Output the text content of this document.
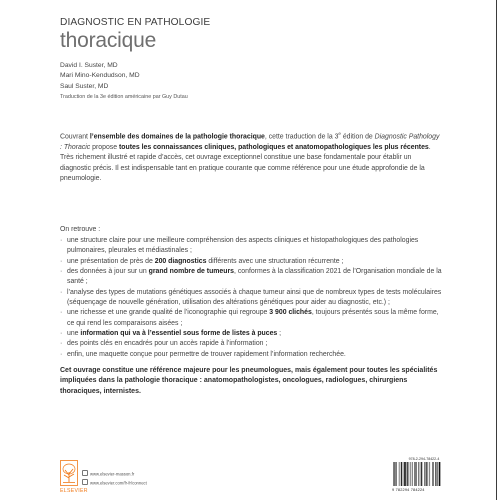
DIAGNOSTIC EN PATHOLOGIE
thoracique
David I. Suster, MD
Mari Mino-Kendudson, MD
Saul Suster, MD
Traduction de la 3e édition américaine par Guy Dutau
Couvrant l’ensemble des domaines de la pathologie thoracique, cette traduction de la 3e édition de Diagnostic Pathology : Thoracic propose toutes les connaissances cliniques, pathologiques et anatomopathologiques les plus récentes. Très richement illustré et rapide d’accès, cet ouvrage exceptionnel constitue une base fondamentale pour établir un diagnostic précis. Il est indispensable tant en pratique courante que comme référence pour une étude approfondie de la pneumologie.
On retrouve :
· une structure claire pour une meilleure compréhension des aspects cliniques et histopathologiques des pathologies pulmonaires, pleurales et médiastinales ;
· une présentation de près de 200 diagnostics différents avec une structuration récurrente ;
· des données à jour sur un grand nombre de tumeurs, conformes à la classification 2021 de l’Organisation mondiale de la santé ;
· l’analyse des types de mutations génétiques associés à chaque tumeur ainsi que de nombreux types de tests moléculaires (séquençage de nouvelle génération, utilisation des altérations génétiques pour aider au diagnostic, etc.) ;
· une richesse et une grande qualité de l’iconographie qui regroupe 3 900 clichés, toujours présentés sous la même forme, ce qui rend les comparaisons aisées ;
· une information qui va à l’essentiel sous forme de listes à puces ;
· des points clés en encadrés pour un accès rapide à l’information ;
· enfin, une maquette conçue pour permettre de trouver rapidement l’information recherchée.
Cet ouvrage constitue une référence majeure pour les pneumologues, mais également pour toutes les spécialités impliquées dans la pathologie thoracique : anatomopathologistes, oncologues, radiologues, chirurgiens thoraciques, internistes.
ELSEVIER
www.elsevier-masson.fr
www.elsevier.com/fr-fr/connect
978-2-294-78422-4
9 782294 784224
